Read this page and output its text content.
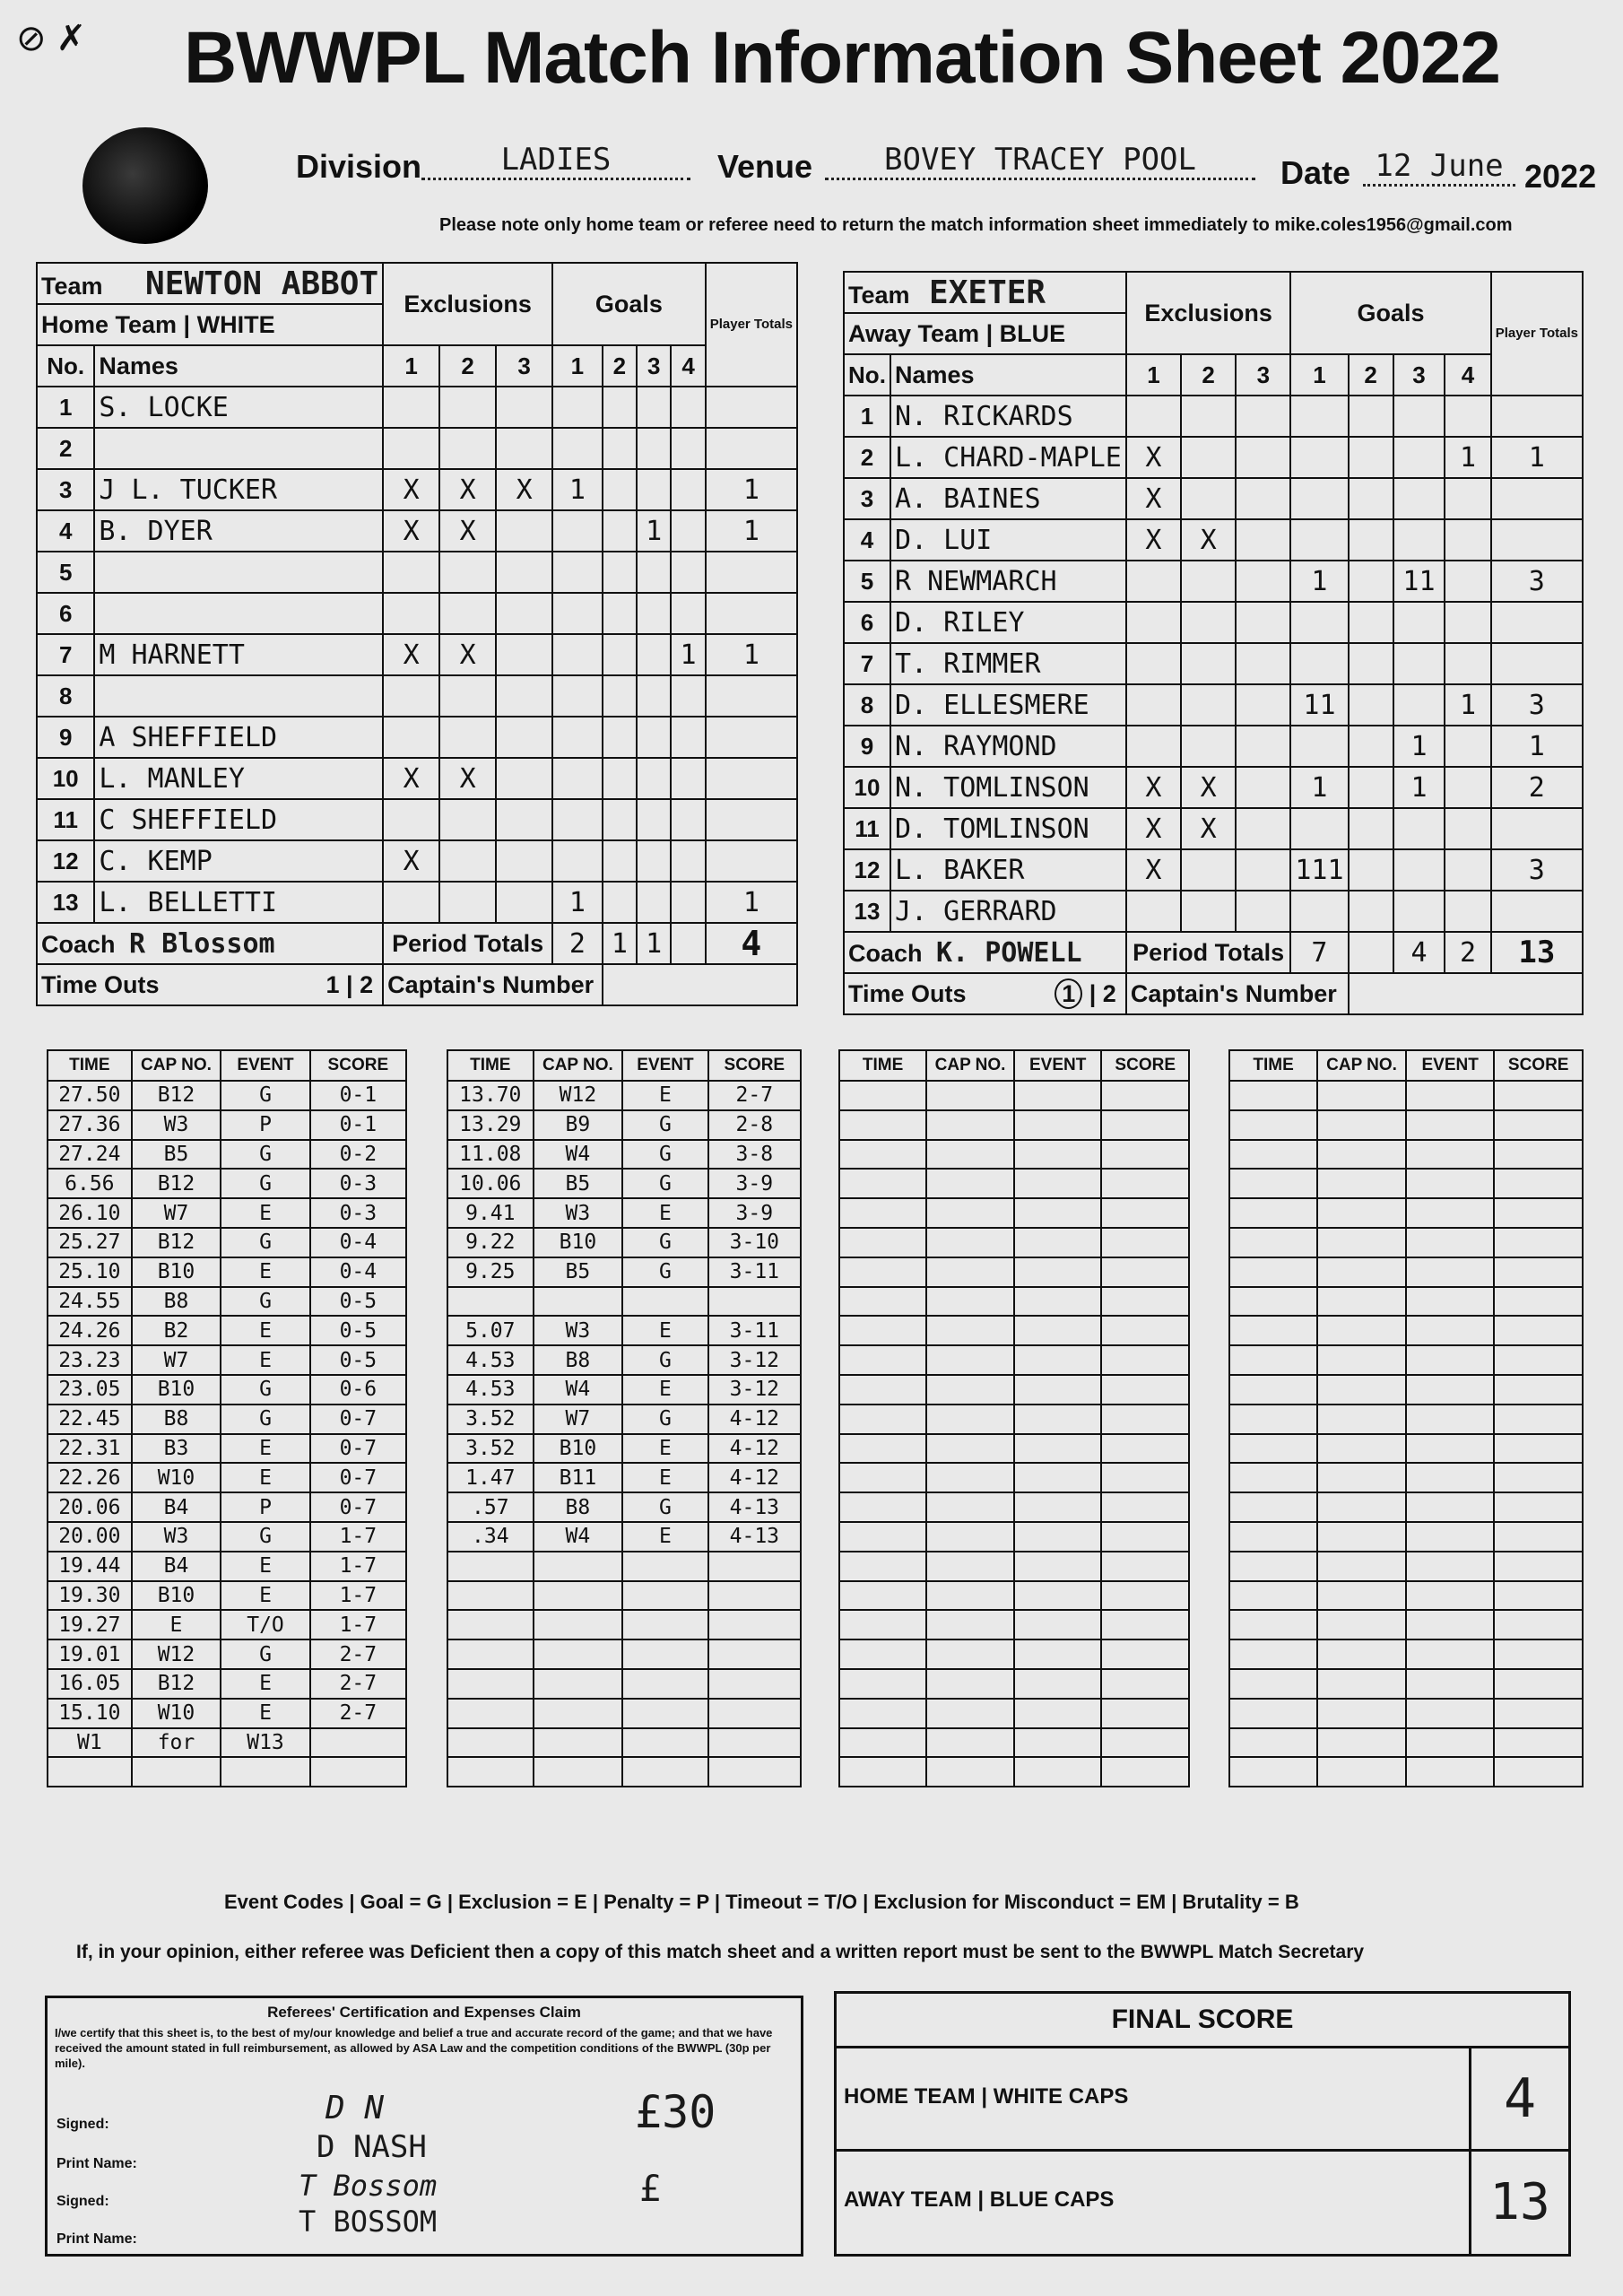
⊘ ✗ BWWPL Match Information Sheet 2022
Division	LADIES	Venue	BOVEY TRACEY POOL	Date 12 June 2022
Please note only home team or referee need to return the match information sheet immediately to mike.coles1956@gmail.com
Team NEWTON ABBOT		Exclusions			Goals				Player Totals
Home Team | WHITE									
No.	Names	1	2	3	1	2	3	4	
1	S. LOCKE								
2									
3	J L. TUCKER	X	X	X	1				1
4	B. DYER	X	X				1		1
5									
6									
7	M HARNETT	X	X					1	1
8									
9	A SHEFFIELD								
10	L. MANLEY	X	X						
11	C SHEFFIELD								
12	C. KEMP	X							
13	L. BELLETTI				1				1
Coach R Blossom		Period Totals			2	1	1		4
Time Outs 1 | 2		Captain's Number							
Team EXETER		Exclusions			Goals				Player Totals
Away Team | BLUE									
No.	Names	1	2	3	1	2	3	4	
1	N. RICKARDS								
2	L. CHARD-MAPLE	X						1	1
3	A. BAINES	X							
4	D. LUI	X	X						
5	R NEWMARCH				1		11		3
6	D. RILEY								
7	T. RIMMER								
8	D. ELLESMERE				11			1	3
9	N. RAYMOND						1		1
10	N. TOMLINSON	X	X		1		1		2
11	D. TOMLINSON	X	X						
12	L. BAKER	X			111				3
13	J. GERRARD								
Coach K. POWELL		Period Totals			7		4	2	13
Time Outs 1 | 2		Captain's Number							
TIME	CAP NO.	EVENT	SCORE
27.50	B12	G	0-1
27.36	W3	P	0-1
27.24	B5	G	0-2
6.56	B12	G	0-3
26.10	W7	E	0-3
25.27	B12	G	0-4
25.10	B10	E	0-4
24.55	B8	G	0-5
24.26	B2	E	0-5
23.23	W7	E	0-5
23.05	B10	G	0-6
22.45	B8	G	0-7
22.31	B3	E	0-7
22.26	W10	E	0-7
20.06	B4	P	0-7
20.00	W3	G	1-7
19.44	B4	E	1-7
19.30	B10	E	1-7
19.27	E	T/O	1-7
19.01	W12	G	2-7
16.05	B12	E	2-7
15.10	W10	E	2-7
W1	for	W13	

TIME	CAP NO.	EVENT	SCORE
13.70	W12	E	2-7
13.29	B9	G	2-8
11.08	W4	G	3-8
10.06	B5	G	3-9
9.41	W3	E	3-9
9.22	B10	G	3-10
9.25	B5	G	3-11

5.07	W3	E	3-11
4.53	B8	G	3-12
4.53	W4	E	3-12
3.52	W7	G	4-12
3.52	B10	E	4-12
1.47	B11	E	4-12
.57	B8	G	4-13
.34	W4	E	4-13

TIME	CAP NO.	EVENT	SCORE

				TIME	CAP NO.	EVENT	SCORE

Event Codes | Goal = G | Exclusion = E | Penalty = P | Timeout = T/O | Exclusion for Misconduct = EM | Brutality = B
If, in your opinion, either referee was Deficient then a copy of this match sheet and a written report must be sent to the BWWPL Match Secretary
Referees' Certification and Expenses Claim
I/we certify that this sheet is, to the best of my/our knowledge and belief a true and accurate record of the game; and that we have received the amount stated in full reimbursement, as allowed by ASA Law and the competition conditions of the BWWPL (30p per mile).
Signed:	D N	£30
Print Name:	D NASH
Signed:	T Bossom	£
Print Name:
T BOSSOM
FINAL SCORE
HOME TEAM | WHITE CAPS	4
AWAY TEAM | BLUE CAPS	13
